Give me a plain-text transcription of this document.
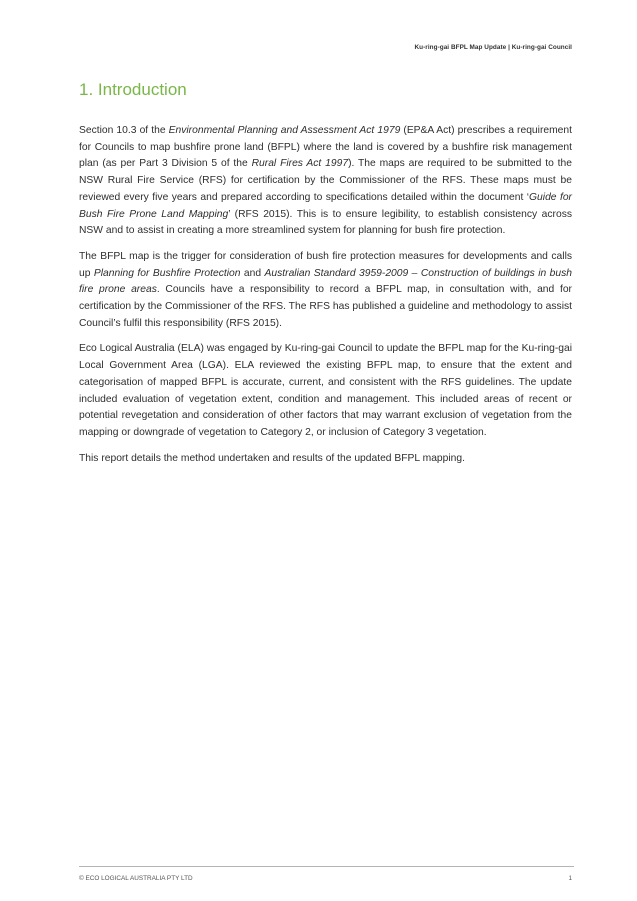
Ku-ring-gai BFPL Map Update | Ku-ring-gai Council
1. Introduction

Section 10.3 of the Environmental Planning and Assessment Act 1979 (EP&A Act) prescribes a requirement for Councils to map bushfire prone land (BFPL) where the land is covered by a bushfire risk management plan (as per Part 3 Division 5 of the Rural Fires Act 1997). The maps are required to be submitted to the NSW Rural Fire Service (RFS) for certification by the Commissioner of the RFS. These maps must be reviewed every five years and prepared according to specifications detailed within the document ‘Guide for Bush Fire Prone Land Mapping’ (RFS 2015). This is to ensure legibility, to establish consistency across NSW and to assist in creating a more streamlined system for planning for bush fire protection.

The BFPL map is the trigger for consideration of bush fire protection measures for developments and calls up Planning for Bushfire Protection and Australian Standard 3959-2009 – Construction of buildings in bush fire prone areas. Councils have a responsibility to record a BFPL map, in consultation with, and for certification by the Commissioner of the RFS. The RFS has published a guideline and methodology to assist Council’s fulfil this responsibility (RFS 2015).

Eco Logical Australia (ELA) was engaged by Ku-ring-gai Council to update the BFPL map for the Ku-ring-gai Local Government Area (LGA). ELA reviewed the existing BFPL map, to ensure that the extent and categorisation of mapped BFPL is accurate, current, and consistent with the RFS guidelines. The update included evaluation of vegetation extent, condition and management. This included areas of recent or potential revegetation and consideration of other factors that may warrant exclusion of vegetation from the mapping or downgrade of vegetation to Category 2, or inclusion of Category 3 vegetation.

This report details the method undertaken and results of the updated BFPL mapping.

© ECO LOGICAL AUSTRALIA PTY LTD	1
